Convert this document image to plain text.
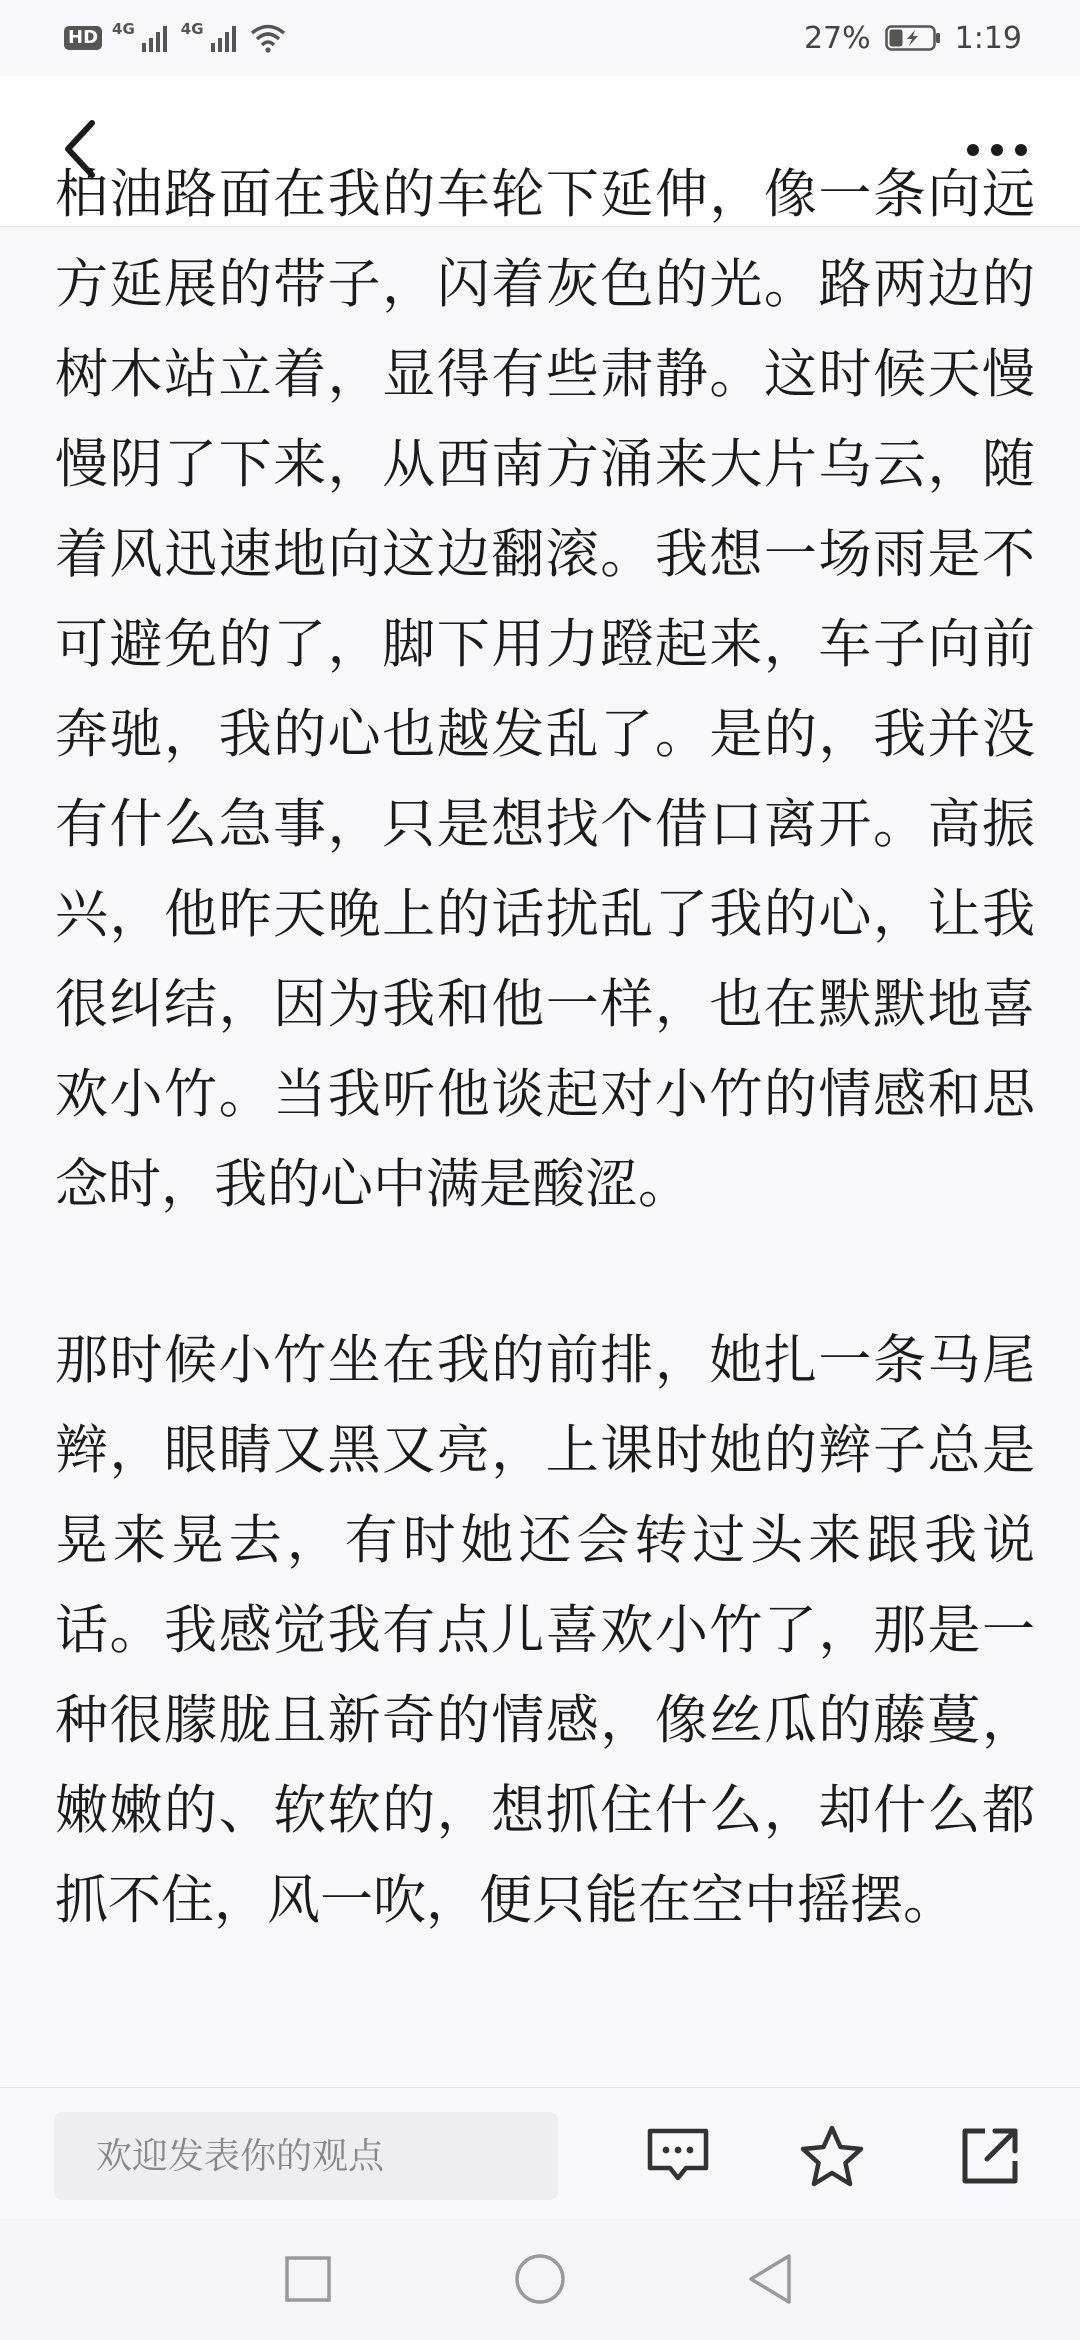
HD 4G	4G	27%	1:19

柏油路面在我的车轮下延伸，像一条向远方延展的带子，闪着灰色的光。路两边的树木站立着，显得有些肃静。这时候天慢慢阴了下来，从西南方涌来大片乌云，随着风迅速地向这边翻滚。我想一场雨是不可避免的了，脚下用力蹬起来，车子向前奔驰，我的心也越发乱了。是的，我并没有什么急事，只是想找个借口离开。高振兴，他昨天晚上的话扰乱了我的心，让我很纠结，因为我和他一样，也在默默地喜欢小竹。当我听他谈起对小竹的情感和思念时，我的心中满是酸涩。

那时候小竹坐在我的前排，她扎一条马尾辫，眼睛又黑又亮，上课时她的辫子总是晃来晃去，有时她还会转过头来跟我说话。我感觉我有点儿喜欢小竹了，那是一种很朦胧且新奇的情感，像丝瓜的藤蔓，嫩嫩的、软软的，想抓住什么，却什么都抓不住，风一吹，便只能在空中摇摆。

欢迎发表你的观点
